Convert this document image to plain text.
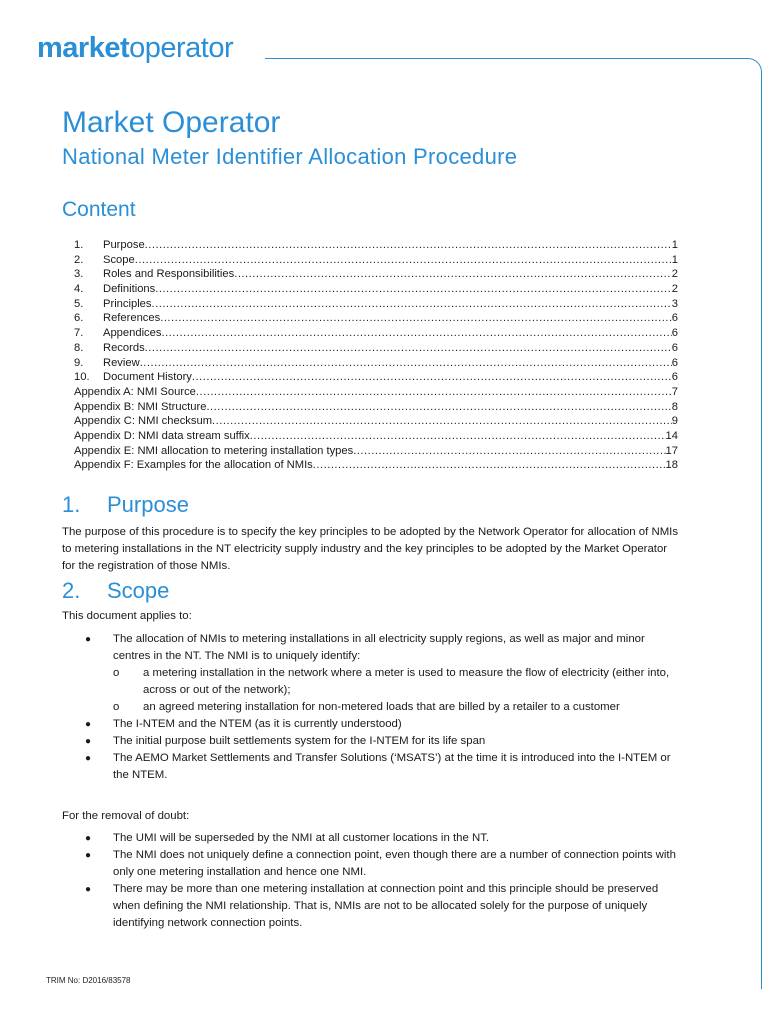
marketoperator
Market Operator
National Meter Identifier Allocation Procedure
Content
1.	Purpose .....	1
2.	Scope .....	1
3.	Roles and Responsibilities .....	2
4.	Definitions .....	2
5.	Principles .....	3
6.	References .....	6
7.	Appendices .....	6
8.	Records .....	6
9.	Review .....	6
10.	Document History .....	6
Appendix A: NMI Source .....	7
Appendix B: NMI Structure .....	8
Appendix C: NMI checksum .....	9
Appendix D: NMI data stream suffix .....	14
Appendix E: NMI allocation to metering installation types .....	17
Appendix F: Examples for the allocation of NMIs .....	18
1. Purpose

The purpose of this procedure is to specify the key principles to be adopted by the Network Operator for allocation of NMIs to metering installations in the NT electricity supply industry and the key principles to be adopted by the Market Operator for the registration of those NMIs.

2. Scope

This document applies to:

● The allocation of NMIs to metering installations in all electricity supply regions, as well as major and minor centres in the NT. The NMI is to uniquely identify:
o a metering installation in the network where a meter is used to measure the flow of electricity (either into, across or out of the network);
o an agreed metering installation for non-metered loads that are billed by a retailer to a customer
● The I-NTEM and the NTEM (as it is currently understood)
● The initial purpose built settlements system for the I-NTEM for its life span
● The AEMO Market Settlements and Transfer Solutions (‘MSATS’) at the time it is introduced into the I-NTEM or the NTEM.

For the removal of doubt:

● The UMI will be superseded by the NMI at all customer locations in the NT.
● The NMI does not uniquely define a connection point, even though there are a number of connection points with only one metering installation and hence one NMI.
● There may be more than one metering installation at connection point and this principle should be preserved when defining the NMI relationship. That is, NMIs are not to be allocated solely for the purpose of uniquely identifying network connection points.
TRIM No: D2016/83578
